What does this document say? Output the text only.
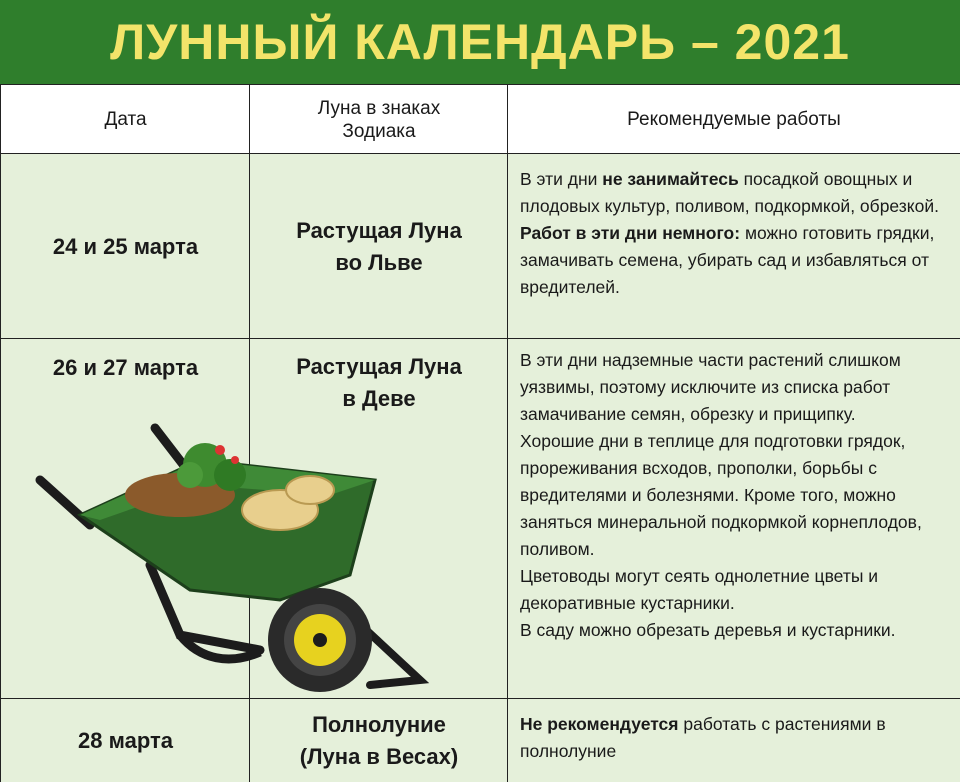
ЛУННЫЙ КАЛЕНДАРЬ – 2021
Дата
Луна в знаках
Зодиака
Рекомендуемые работы
24 и 25 марта
Растущая Луна
во Льве

В эти дни не занимайтесь посадкой овощных и плодовых культур, поливом, подкормкой, обрезкой.

Работ в эти дни немного: можно готовить грядки, замачивать семена, убирать сад и избавляться от вредителей.

26 и 27 марта	Растущая Луна
в Деве

В эти дни надземные части растений слишком уязвимы, поэтому исключите из списка работ замачивание семян, обрезку и прищипку.

Хорошие дни в теплице для подготовки грядок, прореживания всходов, прополки, борьбы с вредителями и болезнями. Кроме того, можно заняться минеральной подкормкой корнеплодов, поливом.

Цветоводы могут сеять однолетние цветы и декоративные кустарники.

В саду можно обрезать деревья и кустарники.

28 марта
Полнолуние
(Луна в Весах)

Не рекомендуется работать с растениями в полнолуние
